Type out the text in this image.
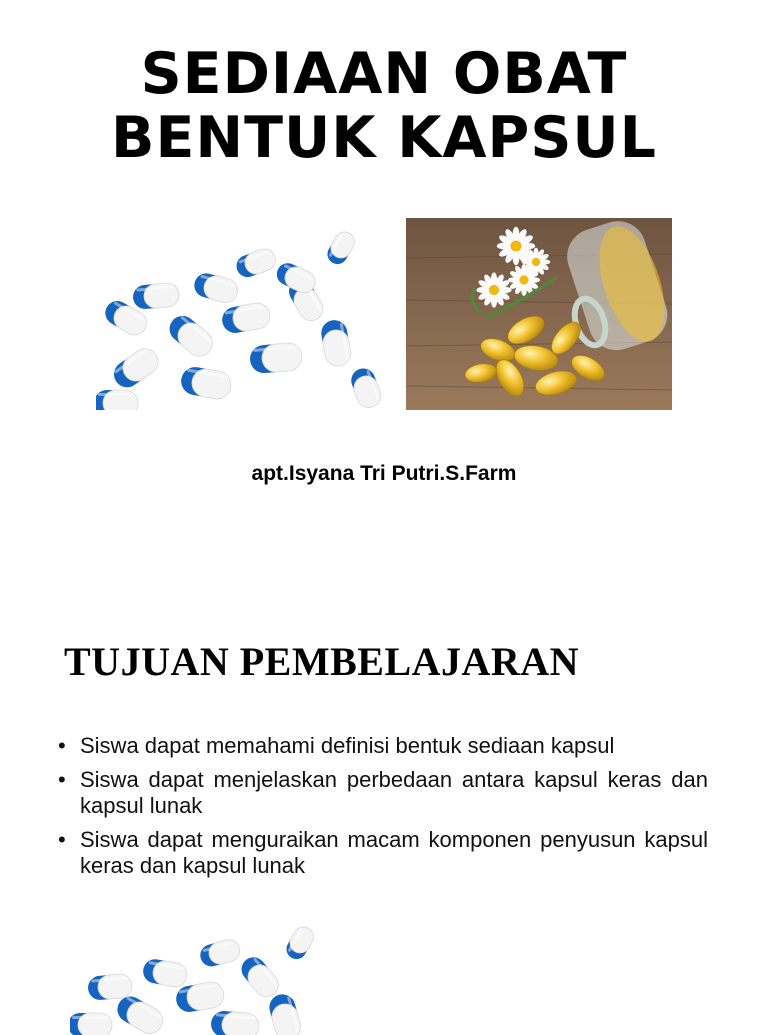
SEDIAAN OBAT
BENTUK KAPSUL
apt.Isyana Tri Putri.S.Farm
TUJUAN PEMBELAJARAN
• Siswa dapat memahami definisi bentuk sediaan kapsul
• Siswa dapat menjelaskan perbedaan antara kapsul keras dan kapsul lunak
• Siswa dapat menguraikan macam komponen penyusun kapsul keras dan kapsul lunak
